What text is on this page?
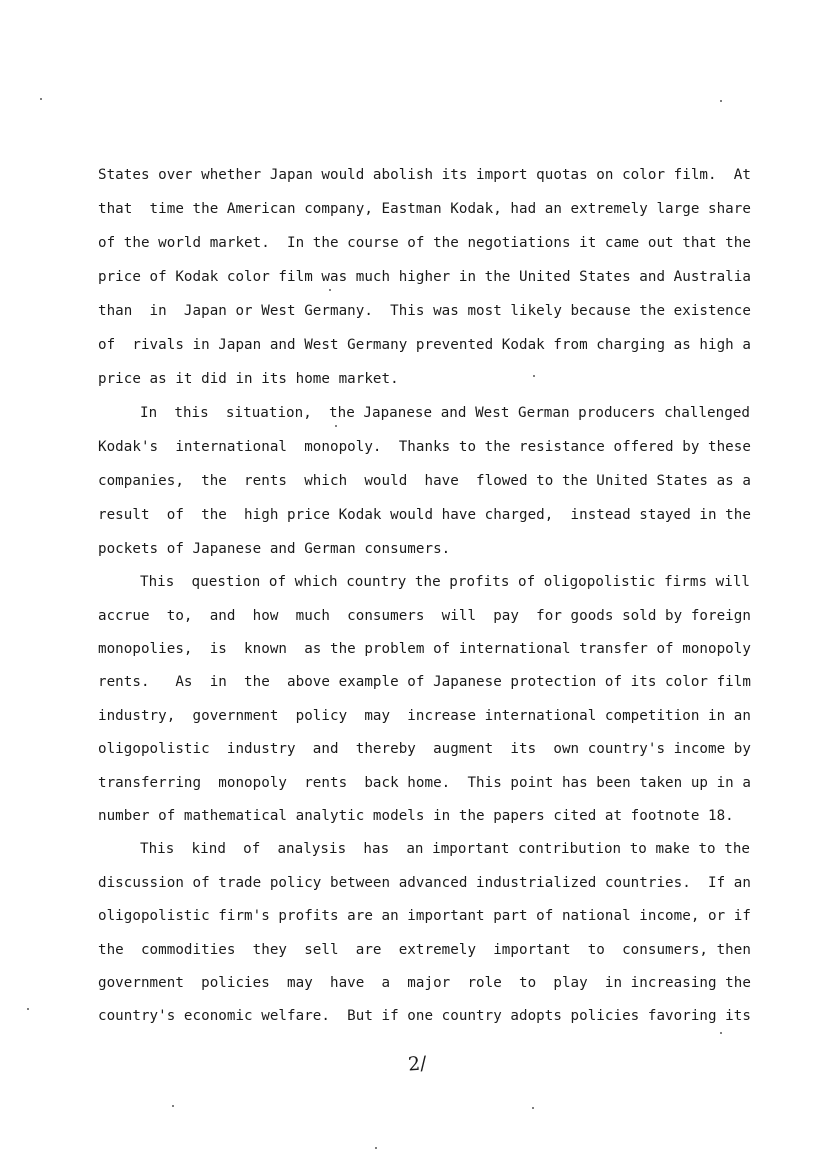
States over whether Japan would abolish its import quotas on color film.  At
that  time the American company, Eastman Kodak, had an extremely large share
of the world market.  In the course of the negotiations it came out that the
price of Kodak color film was much higher in the United States and Australia
than  in  Japan or West Germany.  This was most likely because the existence
of  rivals in Japan and West Germany prevented Kodak from charging as high a
price as it did in its home market.
In  this  situation,  the Japanese and West German producers challenged
Kodak's  international  monopoly.  Thanks to the resistance offered by these
companies,  the  rents  which  would  have  flowed to the United States as a
result  of  the  high price Kodak would have charged,  instead stayed in the
pockets of Japanese and German consumers.
This  question of which country the profits of oligopolistic firms will
accrue  to,  and  how  much  consumers  will  pay  for goods sold by foreign
monopolies,  is  known  as the problem of international transfer of monopoly
rents.   As  in  the  above example of Japanese protection of its color film
industry,  government  policy  may  increase international competition in an
oligopolistic  industry  and  thereby  augment  its  own country's income by
transferring  monopoly  rents  back home.  This point has been taken up in a
number of mathematical analytic models in the papers cited at footnote 18.
This  kind  of  analysis  has  an important contribution to make to the
discussion of trade policy between advanced industrialized countries.  If an
oligopolistic firm's profits are an important part of national income, or if
the  commodities  they  sell  are  extremely  important  to  consumers, then
government  policies  may  have  a  major  role  to  play  in increasing the
country's economic welfare.  But if one country adopts policies favoring its
2/
